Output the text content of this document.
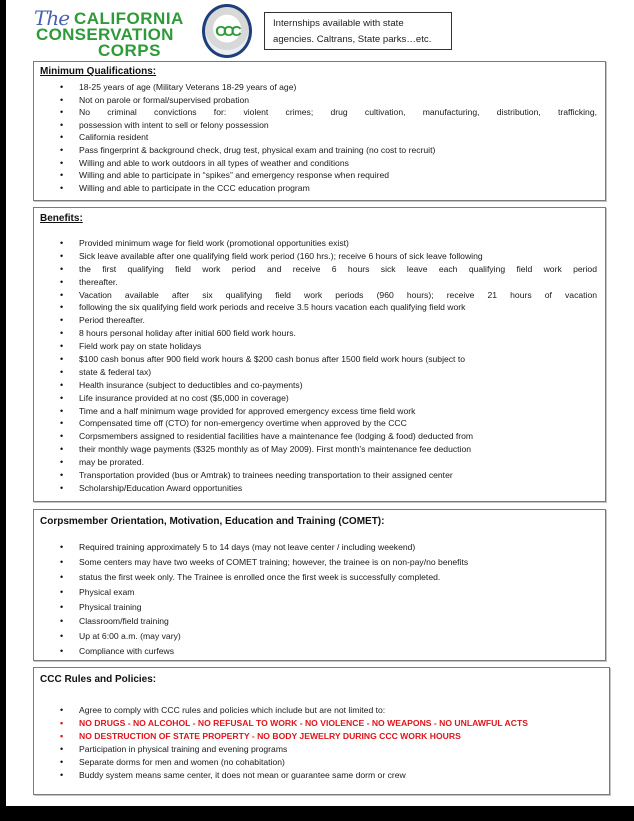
The CALIFORNIA
CONSERVATION
CORPS
CCC	Internships available with state agencies. Caltrans, State parks…etc.
Minimum Qualifications:
• 18-25 years of age (Military Veterans 18-29 years of age)
• Not on parole or formal/supervised probation
• No criminal convictions for: violent crimes; drug cultivation, manufacturing, distribution, trafficking,
• possession with intent to sell or felony possession
• California resident
• Pass fingerprint & background check, drug test, physical exam and training (no cost to recruit)
• Willing and able to work outdoors in all types of weather and conditions
• Willing and able to participate in “spikes” and emergency response when required
• Willing and able to participate in the CCC education program
Benefits:
• Provided minimum wage for field work (promotional opportunities exist)
• Sick leave available after one qualifying field work period (160 hrs.); receive 6 hours of sick leave following
• the first qualifying field work period and receive 6 hours sick leave each qualifying field work period
• thereafter.
• Vacation available after six qualifying field work periods (960 hours); receive 21 hours of vacation
• following the six qualifying field work periods and receive 3.5 hours vacation each qualifying field work
• Period thereafter.
• 8 hours personal holiday after initial 600 field work hours.
• Field work pay on state holidays
• $100 cash bonus after 900 field work hours & $200 cash bonus after 1500 field work hours (subject to
• state & federal tax)
• Health insurance (subject to deductibles and co-payments)
• Life insurance provided at no cost ($5,000 in coverage)
• Time and a half minimum wage provided for approved emergency excess time field work
• Compensated time off (CTO) for non-emergency overtime when approved by the CCC
• Corpsmembers assigned to residential facilities have a maintenance fee (lodging & food) deducted from
• their monthly wage payments ($325 monthly as of May 2009). First month’s maintenance fee deduction
• may be prorated.
• Transportation provided (bus or Amtrak) to trainees needing transportation to their assigned center
• Scholarship/Education Award opportunities
Corpsmember Orientation, Motivation, Education and Training (COMET):
• Required training approximately 5 to 14 days (may not leave center / including weekend)
• Some centers may have two weeks of COMET training; however, the trainee is on non-pay/no benefits
• status the first week only. The Trainee is enrolled once the first week is successfully completed.
• Physical exam
• Physical training
• Classroom/field training
• Up at 6:00 a.m. (may vary)
• Compliance with curfews
CCC Rules and Policies:
• Agree to comply with CCC rules and policies which include but are not limited to:
• NO DRUGS - NO ALCOHOL - NO REFUSAL TO WORK - NO VIOLENCE - NO WEAPONS - NO UNLAWFUL ACTS
• NO DESTRUCTION OF STATE PROPERTY - NO BODY JEWELRY DURING CCC WORK HOURS
• Participation in physical training and evening programs
• Separate dorms for men and women (no cohabitation)
• Buddy system means same center, it does not mean or guarantee same dorm or crew
